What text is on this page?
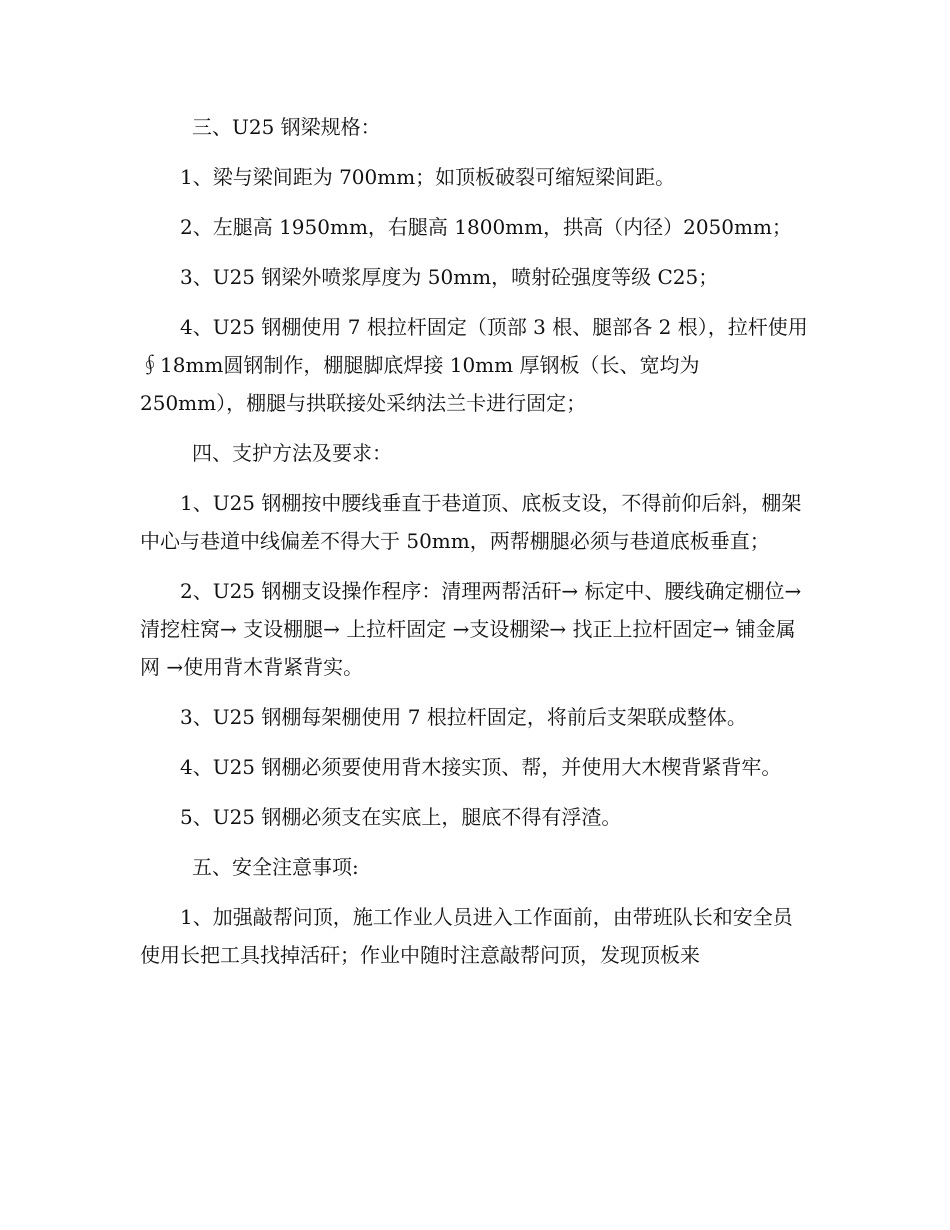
三、U25 钢梁规格：

1、梁与梁间距为 700mm；如顶板破裂可缩短梁间距。

2、左腿高 1950mm，右腿高 1800mm，拱高（内径）2050mm；

3、U25 钢梁外喷浆厚度为 50mm，喷射砼强度等级 C25；

4、U25 钢棚使用 7 根拉杆固定（顶部 3 根、腿部各 2 根），拉杆使用∮18mm圆钢制作，棚腿脚底焊接 10mm 厚钢板（长、宽均为 250mm），棚腿与拱联接处采纳法兰卡进行固定；

四、支护方法及要求：

1、U25 钢棚按中腰线垂直于巷道顶、底板支设，不得前仰后斜，棚架中心与巷道中线偏差不得大于 50mm，两帮棚腿必须与巷道底板垂直；

2、U25 钢棚支设操作程序：清理两帮活矸→ 标定中、腰线确定棚位→ 清挖柱窝→ 支设棚腿→ 上拉杆固定 →支设棚梁→ 找正上拉杆固定→ 铺金属网 →使用背木背紧背实。

3、U25 钢棚每架棚使用 7 根拉杆固定，将前后支架联成整体。

4、U25 钢棚必须要使用背木接实顶、帮，并使用大木楔背紧背牢。

5、U25 钢棚必须支在实底上，腿底不得有浮渣。

五、安全注意事项:

1、加强敲帮问顶，施工作业人员进入工作面前，由带班队长和安全员使用长把工具找掉活矸；作业中随时注意敲帮问顶，发现顶板来
